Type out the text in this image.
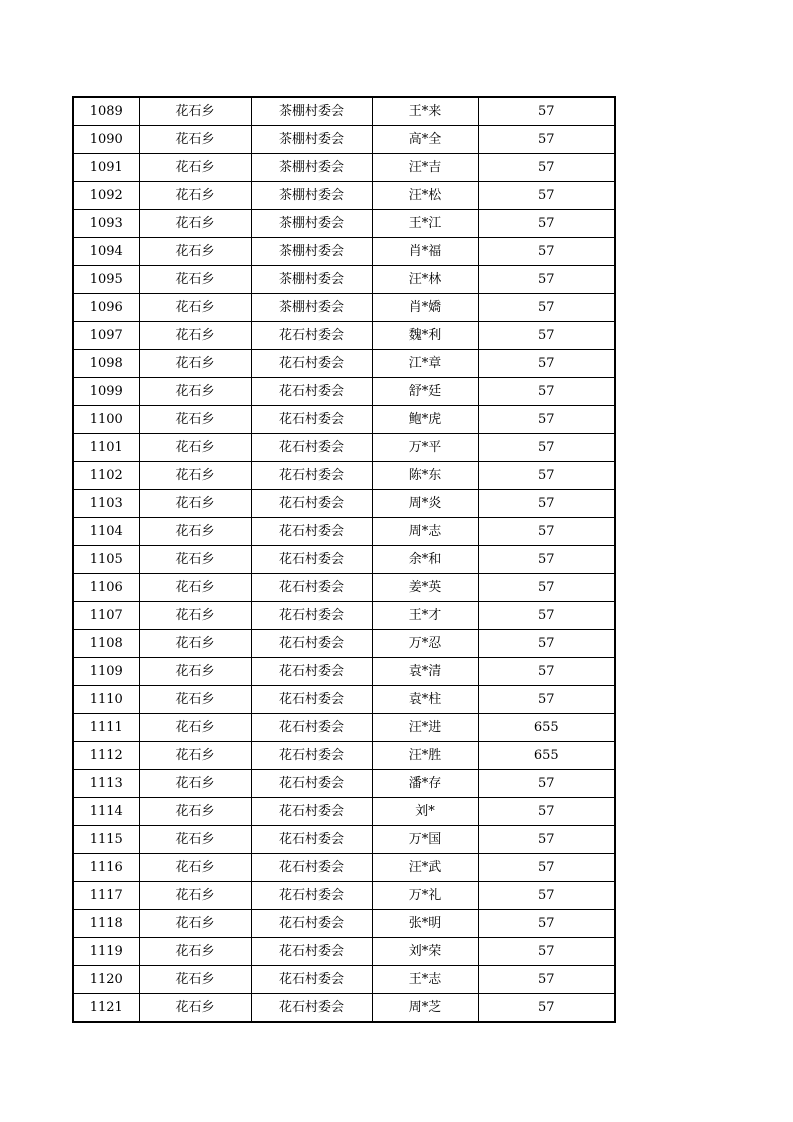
1089	花石乡	茶棚村委会	王*来	57
1090	花石乡	茶棚村委会	高*全	57
1091	花石乡	茶棚村委会	汪*吉	57
1092	花石乡	茶棚村委会	汪*松	57
1093	花石乡	茶棚村委会	王*江	57
1094	花石乡	茶棚村委会	肖*福	57
1095	花石乡	茶棚村委会	汪*林	57
1096	花石乡	茶棚村委会	肖*嬌	57
1097	花石乡	花石村委会	魏*利	57
1098	花石乡	花石村委会	江*章	57
1099	花石乡	花石村委会	舒*廷	57
1100	花石乡	花石村委会	鲍*虎	57
1101	花石乡	花石村委会	万*平	57
1102	花石乡	花石村委会	陈*东	57
1103	花石乡	花石村委会	周*炎	57
1104	花石乡	花石村委会	周*志	57
1105	花石乡	花石村委会	余*和	57
1106	花石乡	花石村委会	姜*英	57
1107	花石乡	花石村委会	王*才	57
1108	花石乡	花石村委会	万*忍	57
1109	花石乡	花石村委会	袁*清	57
1110	花石乡	花石村委会	袁*柱	57
1111	花石乡	花石村委会	汪*进	655
1112	花石乡	花石村委会	汪*胜	655
1113	花石乡	花石村委会	潘*存	57
1114	花石乡	花石村委会	刘*	57
1115	花石乡	花石村委会	万*国	57
1116	花石乡	花石村委会	汪*武	57
1117	花石乡	花石村委会	万*礼	57
1118	花石乡	花石村委会	张*明	57
1119	花石乡	花石村委会	刘*荣	57
1120	花石乡	花石村委会	王*志	57
1121	花石乡	花石村委会	周*芝	57
